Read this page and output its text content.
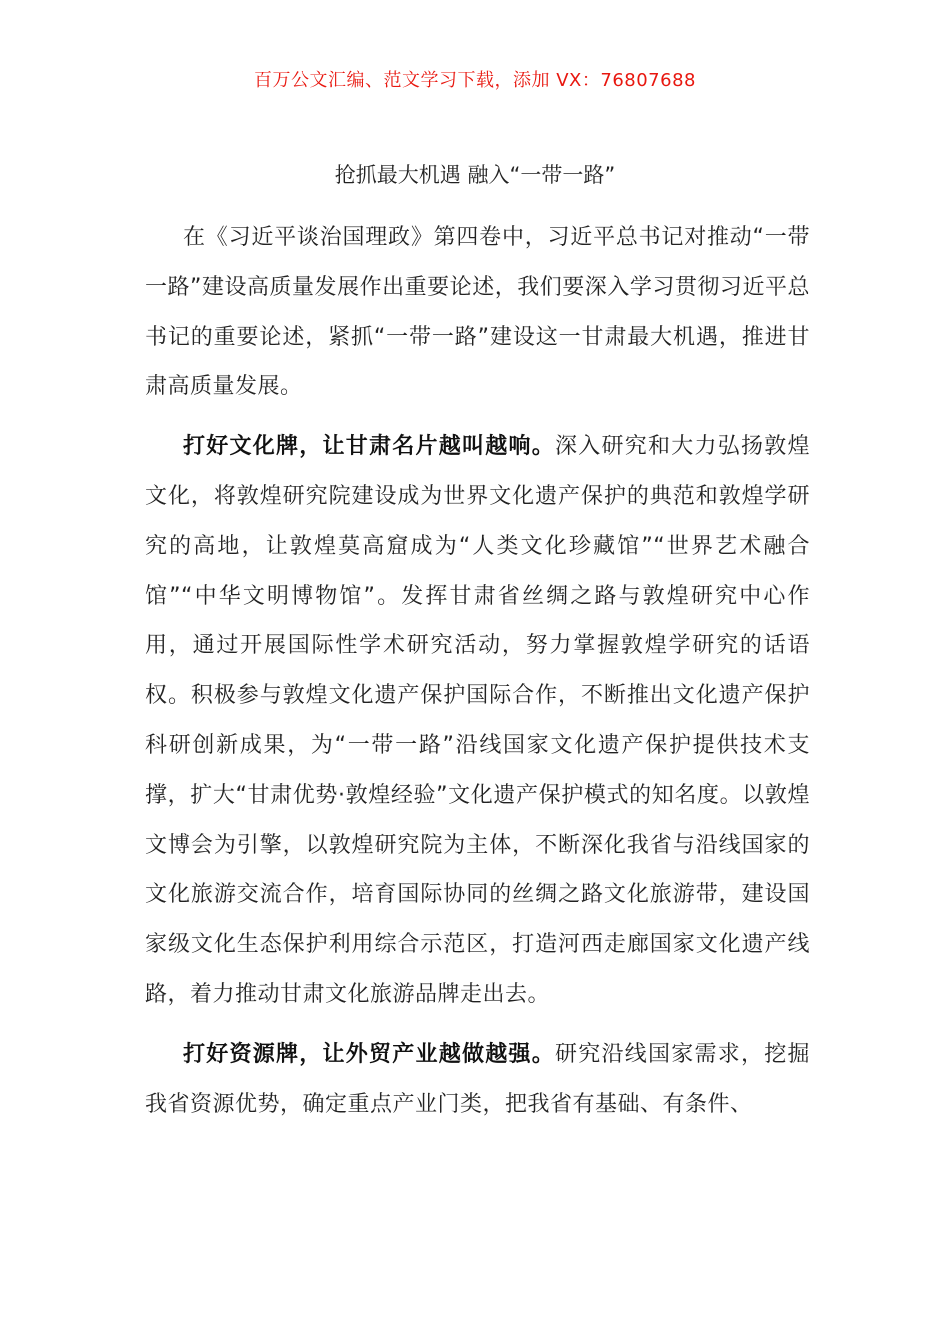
百万公文汇编、范文学习下载，添加 VX：76807688
抢抓最大机遇 融入“一带一路”

在《习近平谈治国理政》第四卷中，习近平总书记对推动“一带一路”建设高质量发展作出重要论述，我们要深入学习贯彻习近平总书记的重要论述，紧抓“一带一路”建设这一甘肃最大机遇，推进甘肃高质量发展。

打好文化牌，让甘肃名片越叫越响。深入研究和大力弘扬敦煌文化，将敦煌研究院建设成为世界文化遗产保护的典范和敦煌学研究的高地，让敦煌莫高窟成为“人类文化珍藏馆”“世界艺术融合馆”“中华文明博物馆”。发挥甘肃省丝绸之路与敦煌研究中心作用，通过开展国际性学术研究活动，努力掌握敦煌学研究的话语权。积极参与敦煌文化遗产保护国际合作，不断推出文化遗产保护科研创新成果，为“一带一路”沿线国家文化遗产保护提供技术支撑，扩大“甘肃优势·敦煌经验”文化遗产保护模式的知名度。以敦煌文博会为引擎，以敦煌研究院为主体，不断深化我省与沿线国家的文化旅游交流合作，培育国际协同的丝绸之路文化旅游带，建设国家级文化生态保护利用综合示范区，打造河西走廊国家文化遗产线路，着力推动甘肃文化旅游品牌走出去。

打好资源牌，让外贸产业越做越强。研究沿线国家需求，挖掘我省资源优势，确定重点产业门类，把我省有基础、有条件、
